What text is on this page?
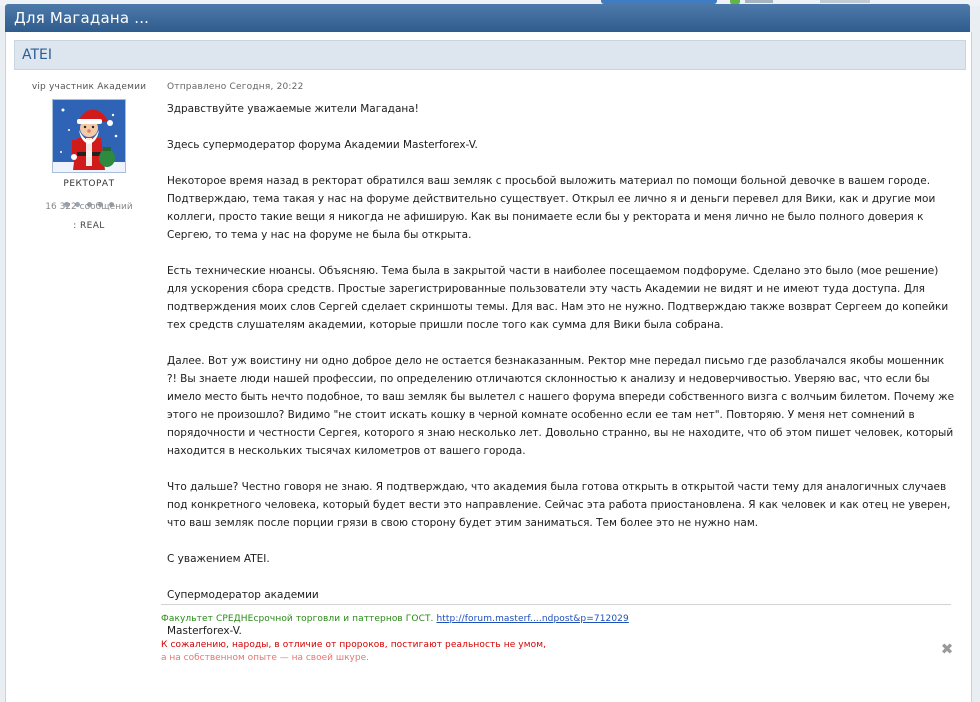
Для Магадана ...
ATEI
vip участник Академии
РЕКТОРАТ

16 322 сообщений
: REAL
Отправлено Сегодня, 20:22

Здравствуйте уважаемые жители Магадана!

Здесь супермодератор форума Академии Masterforex-V.

Некоторое время назад в ректорат обратился ваш земляк с просьбой выложить материал по помощи больной девочке в вашем городе. Подтверждаю, тема такая у нас на форуме действительно существует. Открыл ее лично я и деньги перевел для Вики, как и другие мои коллеги, просто такие вещи я никогда не афиширую. Как вы понимаете если бы у ректората и меня лично не было полного доверия к Сергею, то тема у нас на форуме не была бы открыта.

Есть технические нюансы. Объясняю. Тема была в закрытой части в наиболее посещаемом подфоруме. Сделано это было (мое решение) для ускорения сбора средств. Простые зарегистрированные пользователи эту часть Академии не видят и не имеют туда доступа. Для подтверждения моих слов Сергей сделает скриншоты темы. Для вас. Нам это не нужно. Подтверждаю также возврат Сергеем до копейки тех средств слушателям академии, которые пришли после того как сумма для Вики была собрана.

Далее. Вот уж воистину ни одно доброе дело не остается безнаказанным. Ректор мне передал письмо где разоблачался якобы мошенник ?! Вы знаете люди нашей профессии, по определению отличаются склонностью к анализу и недоверчивостью. Уверяю вас, что если бы имело место быть нечто подобное, то ваш земляк бы вылетел с нашего форума впереди собственного визга с волчьим билетом. Почему же этого не произошло? Видимо "не стоит искать кошку в черной комнате особенно если ее там нет". Повторяю. У меня нет сомнений в порядочности и честности Сергея, которого я знаю несколько лет. Довольно странно, вы не находите, что об этом пишет человек, который находится в нескольких тысячах километров от вашего города.

Что дальше? Честно говоря не знаю. Я подтверждаю, что академия была готова открыть в открытой части тему для аналогичных случаев под конкретного человека, который будет вести это направление. Сейчас эта работа приостановлена. Я как человек и как отец не уверен, что ваш земляк после порции грязи в свою сторону будет этим заниматься. Тем более это не нужно нам.

С уважением ATEI.

Супермодератор академии

Masterforex-V.

✖
Факультет СРЕДНЕсрочной торговли и паттернов ГОСТ. http://forum.masterf....ndpost&p=712029
К сожалению, народы, в отличие от пророков, постигают реальность не умом,
а на собственном опыте — на своей шкуре.
